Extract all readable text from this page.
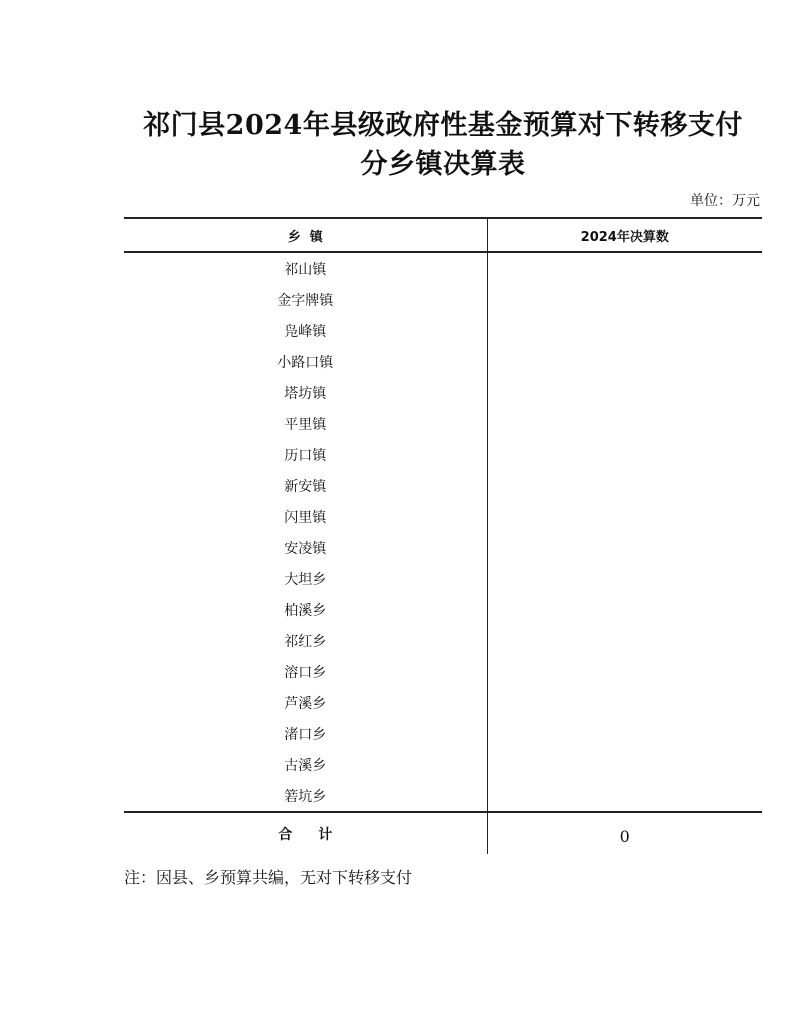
祁门县2024年县级政府性基金预算对下转移支付
分乡镇决算表
单位：万元
乡  镇	2024年决算数
祁山镇	
金字牌镇	
凫峰镇	
小路口镇	
塔坊镇	
平里镇	
历口镇	
新安镇	
闪里镇	
安凌镇	
大坦乡	
柏溪乡	
祁红乡	
溶口乡	
芦溪乡	
渚口乡	
古溪乡	
箬坑乡	
合计	0
注：因县、乡预算共编，无对下转移支付
